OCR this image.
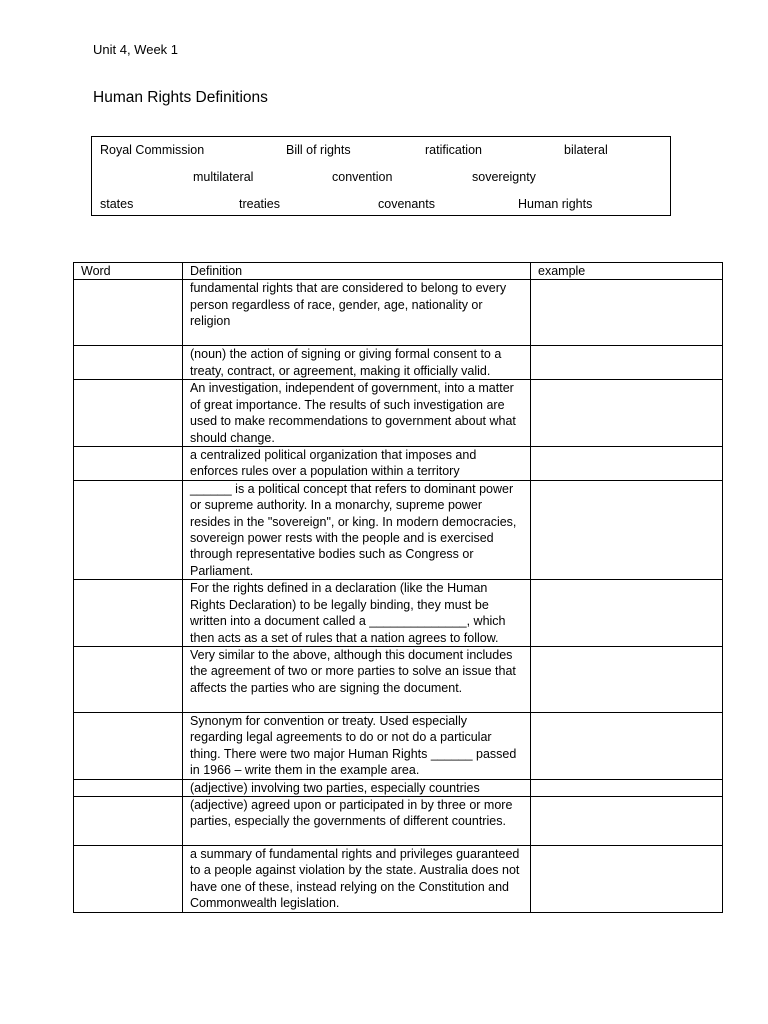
Unit 4, Week 1
Human Rights Definitions
Royal Commission	Bill of rights	ratification	bilateral
multilateral	convention	sovereignty
states	treaties	covenants	Human rights
Word	Definition	example
	fundamental rights that are considered to belong to every person regardless of race, gender, age, nationality or religion	
	(noun) the action of signing or giving formal consent to a treaty, contract, or agreement, making it officially valid.	
	An investigation, independent of government, into a matter of great importance. The results of such investigation are used to make recommendations to government about what should change.	
	a centralized political organization that imposes and enforces rules over a population within a territory	
	______ is a political concept that refers to dominant power or supreme authority. In a monarchy, supreme power resides in the "sovereign", or king. In modern democracies, sovereign power rests with the people and is exercised through representative bodies such as Congress or Parliament.	
	For the rights defined in a declaration (like the Human Rights Declaration) to be legally binding, they must be written into a document called a ______________, which then acts as a set of rules that a nation agrees to follow.	
	Very similar to the above, although this document includes the agreement of two or more parties to solve an issue that affects the parties who are signing the document.	
	Synonym for convention or treaty. Used especially regarding legal agreements to do or not do a particular thing. There were two major Human Rights ______ passed in 1966 – write them in the example area.	
	(adjective) involving two parties, especially countries	
	(adjective) agreed upon or participated in by three or more parties, especially the governments of different countries.	
	a summary of fundamental rights and privileges guaranteed to a people against violation by the state. Australia does not have one of these, instead relying on the Constitution and Commonwealth legislation.	
